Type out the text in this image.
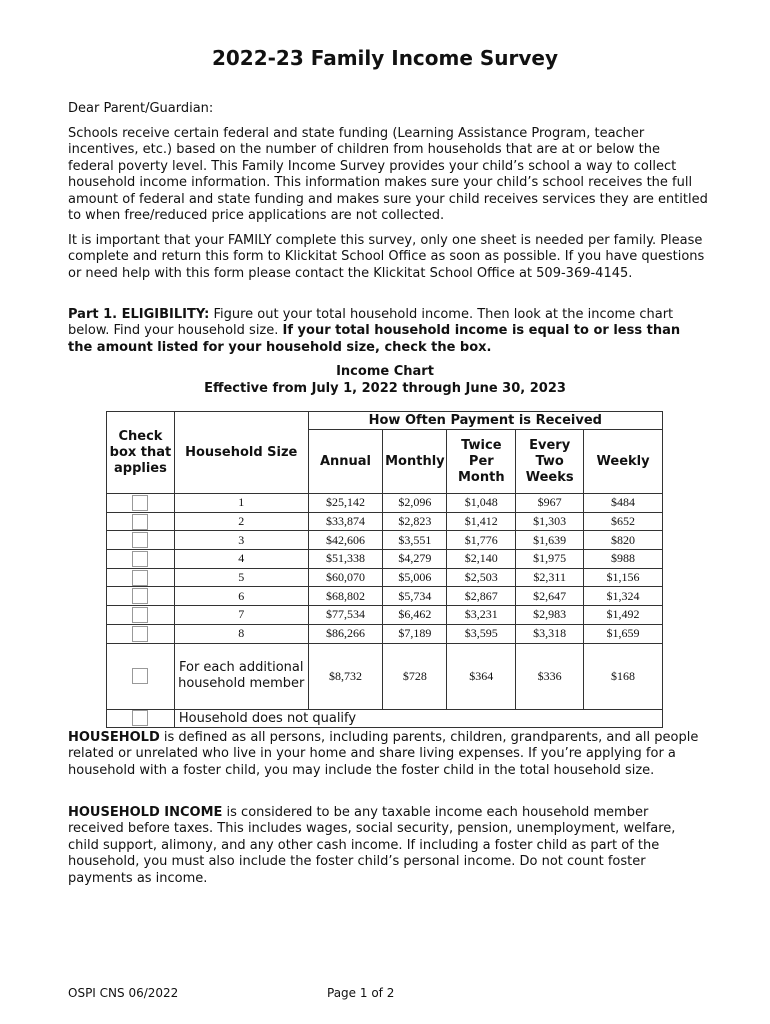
2022-23 Family Income Survey

Dear Parent/Guardian:

Schools receive certain federal and state funding (Learning Assistance Program, teacher incentives, etc.) based on the number of children from households that are at or below the federal poverty level. This Family Income Survey provides your child’s school a way to collect household income information. This information makes sure your child’s school receives the full amount of federal and state funding and makes sure your child receives services they are entitled to when free/reduced price applications are not collected.

It is important that your FAMILY complete this survey, only one sheet is needed per family. Please complete and return this form to Klickitat School Office as soon as possible. If you have questions or need help with this form please contact the Klickitat School Office at 509-369-4145.

Part 1. ELIGIBILITY: Figure out your total household income. Then look at the income chart below. Find your household size. If your total household income is equal to or less than the amount listed for your household size, check the box.

Income Chart

Effective from July 1, 2022 through June 30, 2023

Check box that applies	Household Size	How Often Payment is Received				
		Annual	Monthly	Twice Per Month	Every Two Weeks	Weekly
	1	$25,142	$2,096	$1,048	$967	$484
	2	$33,874	$2,823	$1,412	$1,303	$652
	3	$42,606	$3,551	$1,776	$1,639	$820
	4	$51,338	$4,279	$2,140	$1,975	$988
	5	$60,070	$5,006	$2,503	$2,311	$1,156
	6	$68,802	$5,734	$2,867	$2,647	$1,324
	7	$77,534	$6,462	$3,231	$2,983	$1,492
	8	$86,266	$7,189	$3,595	$3,318	$1,659
	For each additional household member	$8,732	$728	$364	$336	$168
	Household does not qualify					

HOUSEHOLD is defined as all persons, including parents, children, grandparents, and all people related or unrelated who live in your home and share living expenses. If you’re applying for a household with a foster child, you may include the foster child in the total household size.

HOUSEHOLD INCOME is considered to be any taxable income each household member received before taxes. This includes wages, social security, pension, unemployment, welfare, child support, alimony, and any other cash income. If including a foster child as part of the household, you must also include the foster child’s personal income. Do not count foster payments as income.

OSPI CNS 06/2022	Page 1 of 2
